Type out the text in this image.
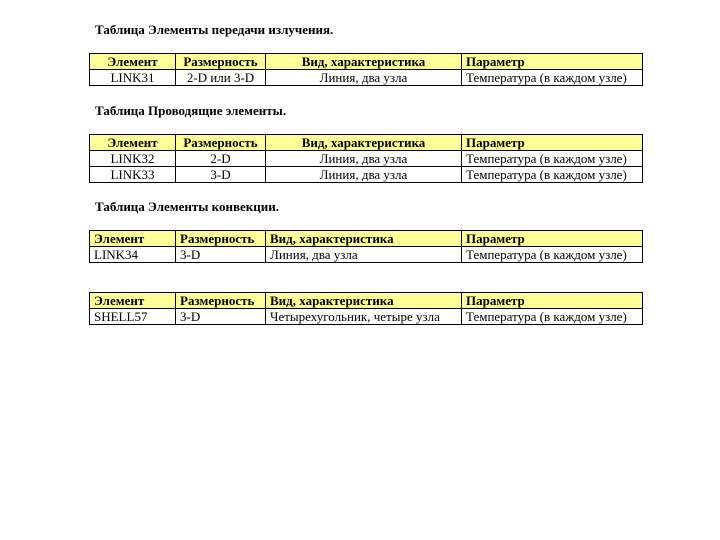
Таблица Элементы передачи излучения.
Элемент	Размерность	Вид, характеристика	Параметр
LINK31	2-D или 3-D	Линия, два узла	Температура (в каждом узле)
Таблица Проводящие элементы.
Элемент	Размерность	Вид, характеристика	Параметр
LINK32	2-D	Линия, два узла	Температура (в каждом узле)
LINK33	3-D	Линия, два узла	Температура (в каждом узле)
Таблица Элементы конвекции.
Элемент	Размерность	Вид, характеристика	Параметр
LINK34	3-D	Линия, два узла	Температура (в каждом узле)
Элемент	Размерность	Вид, характеристика	Параметр
SHELL57	3-D	Четырехугольник, четыре узла	Температура (в каждом узле)
